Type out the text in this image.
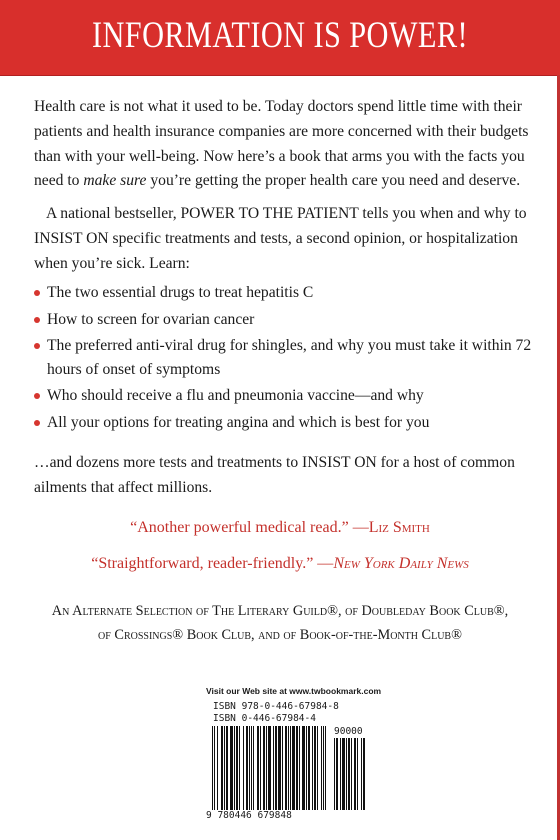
INFORMATION IS POWER!
Health care is not what it used to be. Today doctors spend little time with their patients and health insurance companies are more concerned with their budgets than with your well-being. Now here’s a book that arms you with the facts you need to make sure you’re getting the proper health care you need and deserve.
A national bestseller, POWER TO THE PATIENT tells you when and why to INSIST ON specific treatments and tests, a second opinion, or hospitalization when you’re sick. Learn:
The two essential drugs to treat hepatitis C
How to screen for ovarian cancer
The preferred anti-viral drug for shingles, and why you must take it within 72 hours of onset of symptoms
Who should receive a flu and pneumonia vaccine—and why
All your options for treating angina and which is best for you
…and dozens more tests and treatments to INSIST ON for a host of common ailments that affect millions.
“Another powerful medical read.” —Liz Smith
“Straightforward, reader-friendly.” —New York Daily News
An Alternate Selection of The Literary Guild®, of Doubleday Book Club®,
of Crossings® Book Club, and of Book-of-the-Month Club®
Visit our Web site at www.twbookmark.com
ISBN 978-0-446-67984-8
ISBN 0-446-67984-4
90000
9 780446 679848
